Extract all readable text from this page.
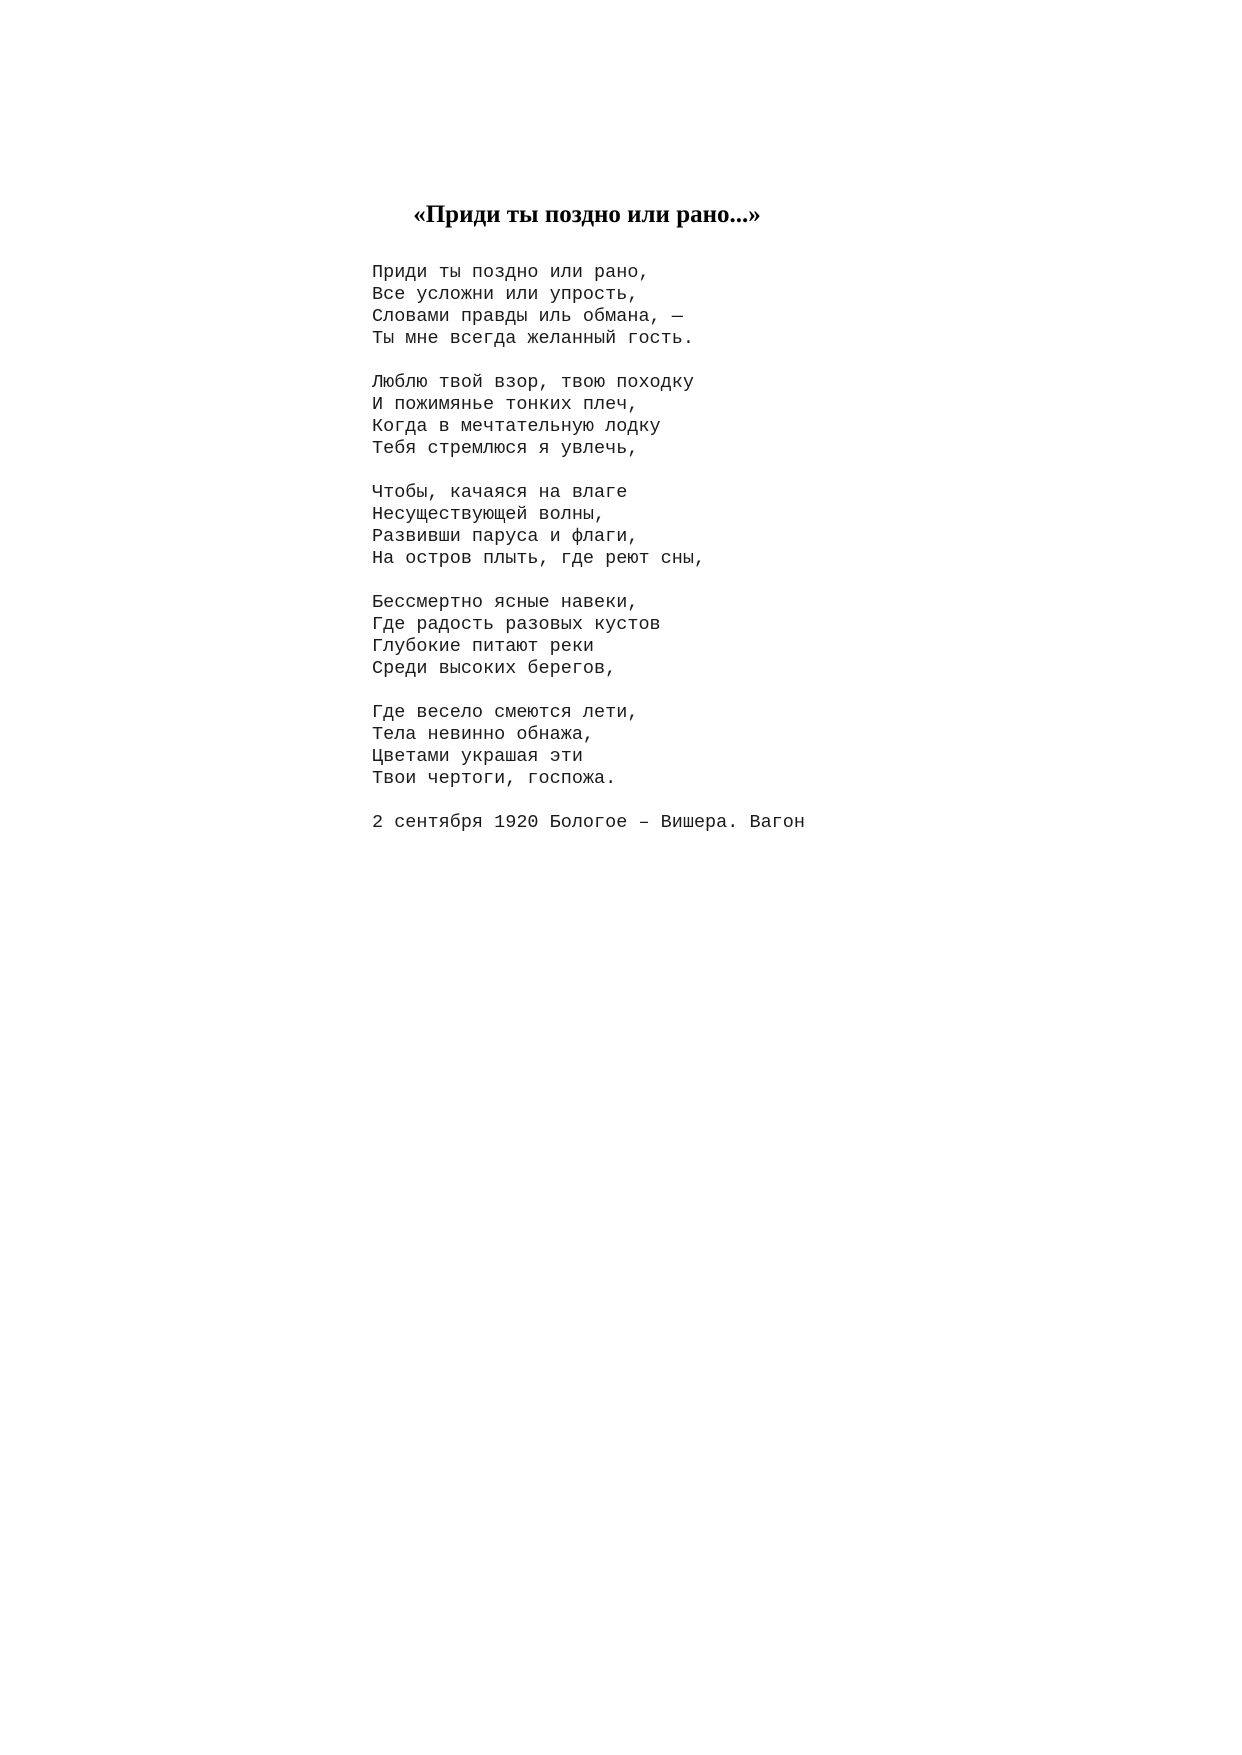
«Приди ты поздно или рано...»
Приди ты поздно или рано,
Все усложни или упрость,
Словами правды иль обмана, —
Ты мне всегда желанный гость.
Люблю твой взор, твою походку
И пожимянье тонких плеч,
Когда в мечтательную лодку
Тебя стремлюся я увлечь,
Чтобы, качаяся на влаге
Несуществующей волны,
Развивши паруса и флаги,
На остров плыть, где реют сны,
Бессмертно ясные навеки,
Где радость разовых кустов
Глубокие питают реки
Среди высоких берегов,
Где весело смеются лети,
Тела невинно обнажа,
Цветами украшая эти
Твои чертоги, госпожа.
2 сентября 1920 Бологое – Вишера. Вагон
